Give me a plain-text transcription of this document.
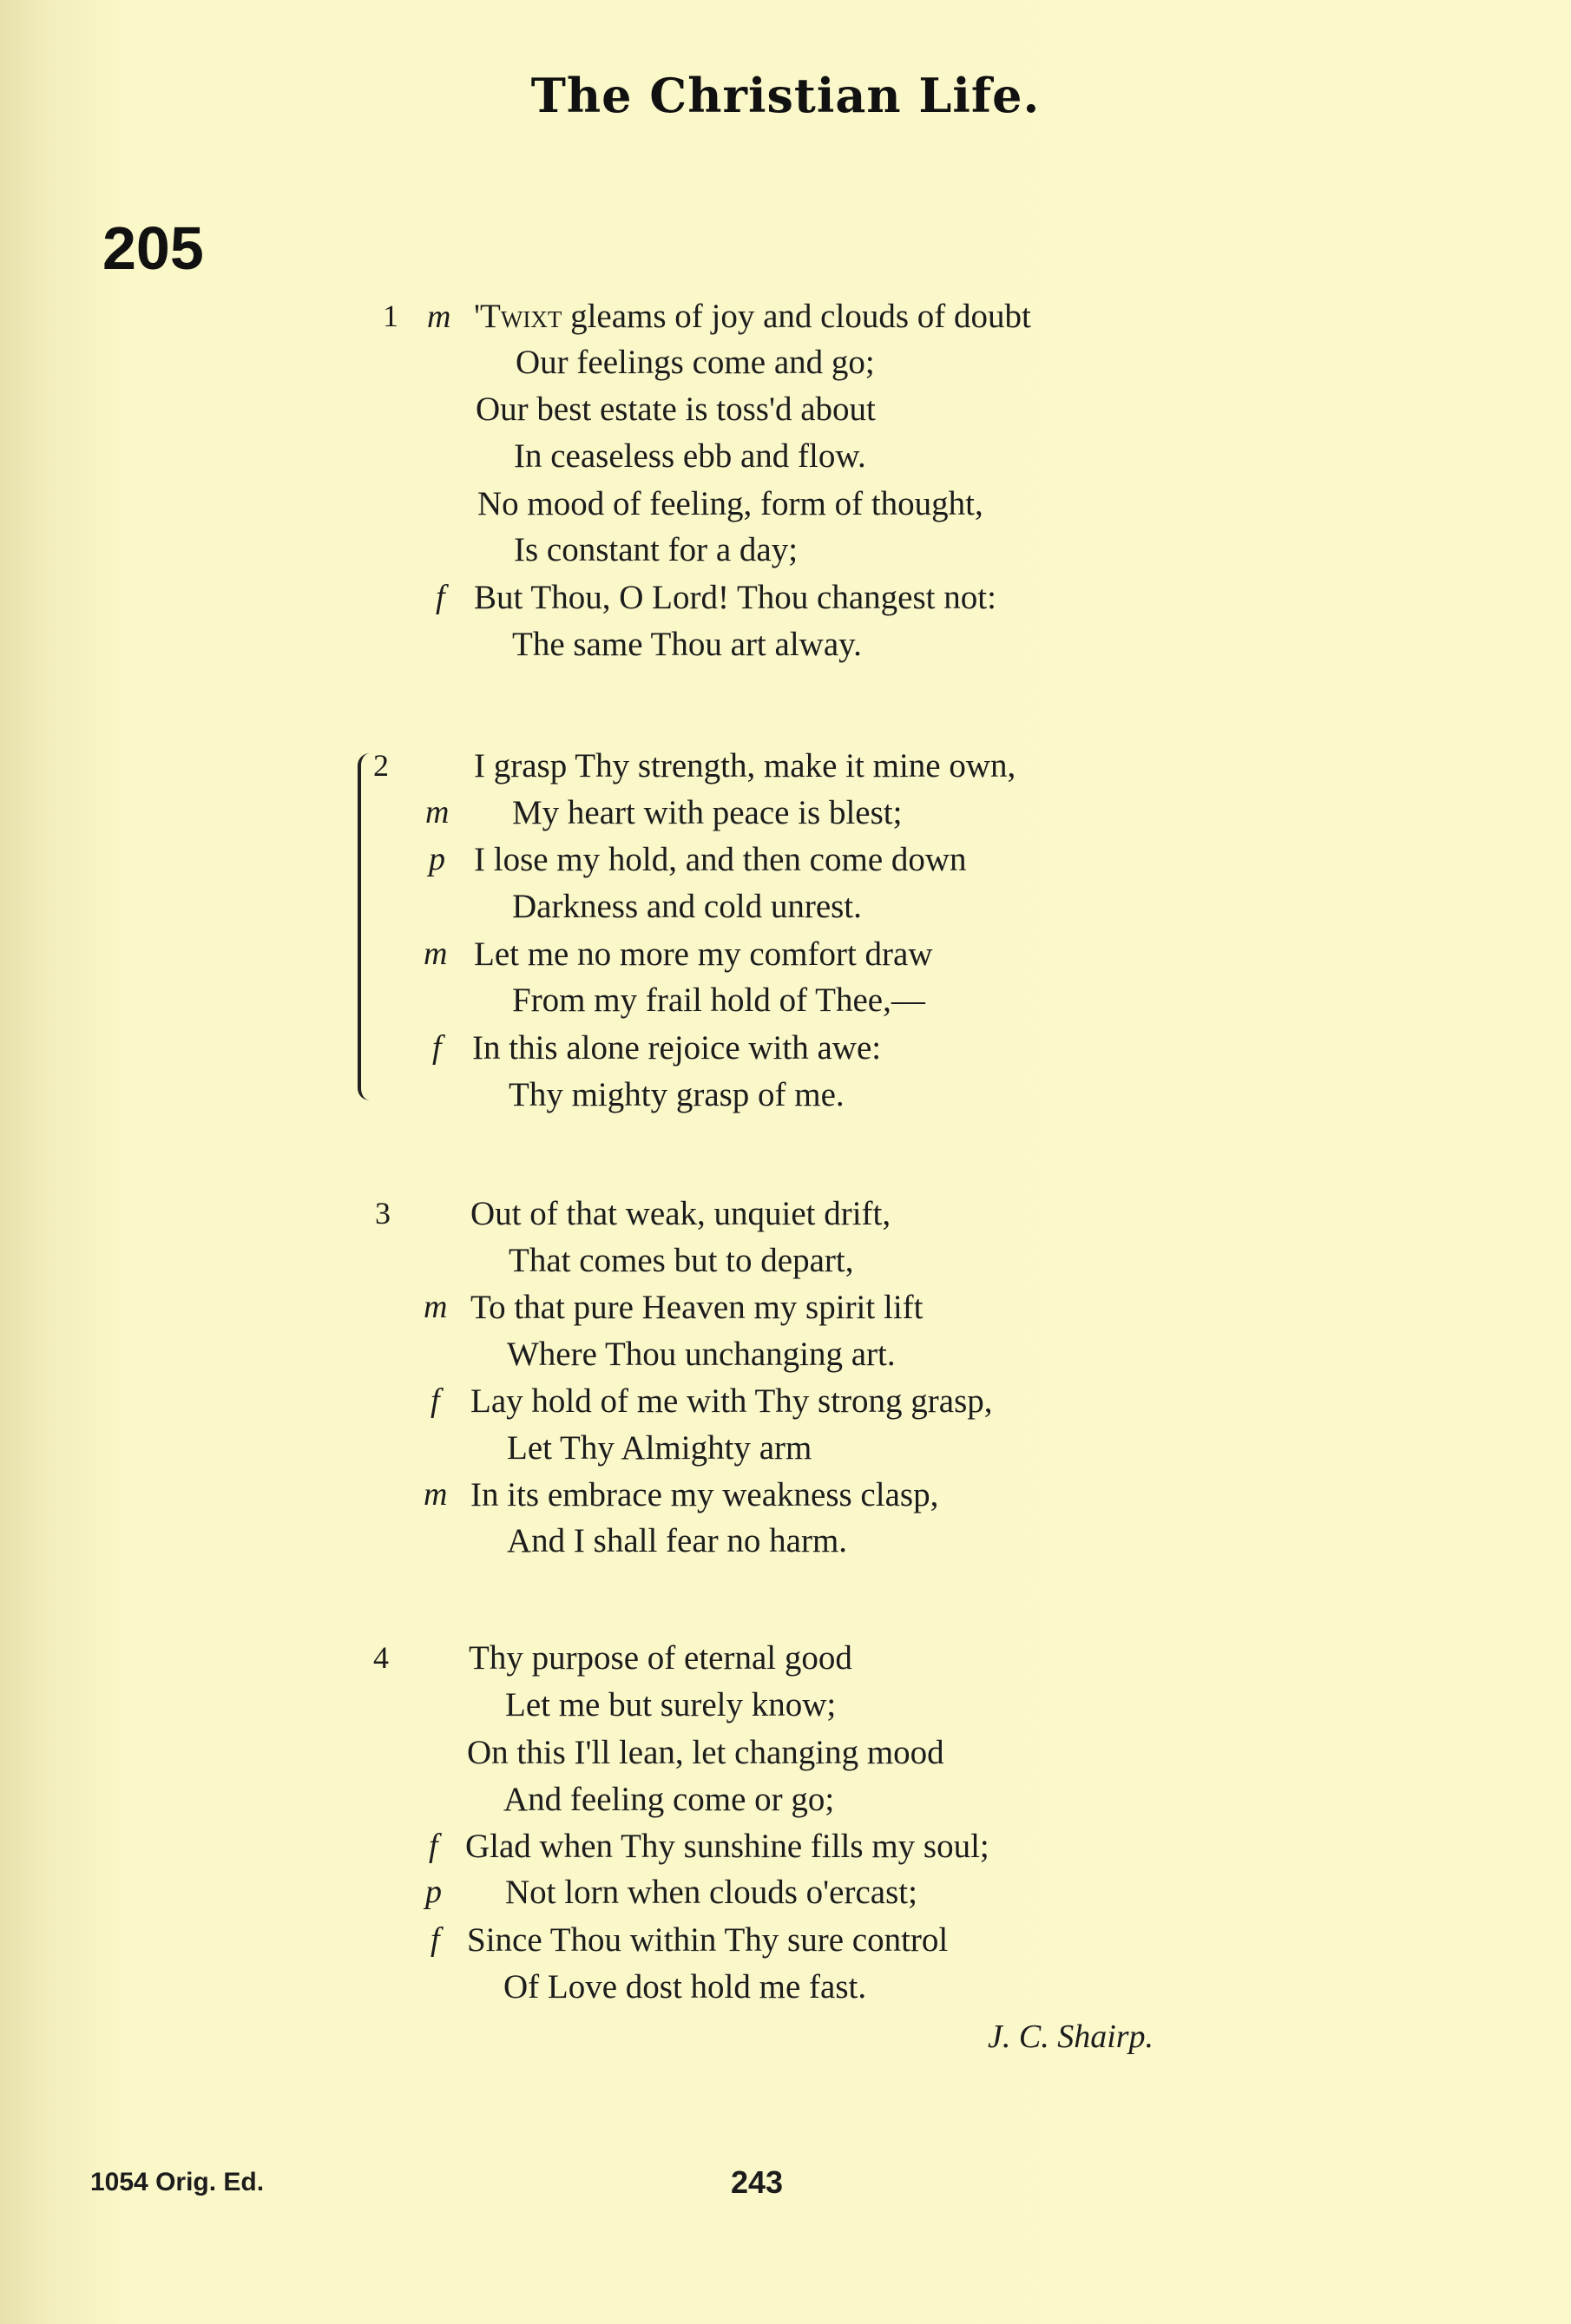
The Christian Life.
205
1 m 'Twixt gleams of joy and clouds of doubt
Our feelings come and go;
Our best estate is toss'd about
In ceaseless ebb and flow.
No mood of feeling, form of thought,
Is constant for a day;
f But Thou, O Lord! Thou changest not:
The same Thou art alway.
2	I grasp Thy strength, make it mine own,
m My heart with peace is blest;
p I lose my hold, and then come down
Darkness and cold unrest.
m Let me no more my comfort draw
From my frail hold of Thee,—
f In this alone rejoice with awe:
Thy mighty grasp of me.
3 Out of that weak, unquiet drift,
That comes but to depart,
m To that pure Heaven my spirit lift
Where Thou unchanging art.
f Lay hold of me with Thy strong grasp,
Let Thy Almighty arm
m In its embrace my weakness clasp,
And I shall fear no harm.
4 Thy purpose of eternal good
Let me but surely know;
On this I'll lean, let changing mood
And feeling come or go;
f Glad when Thy sunshine fills my soul;
p Not lorn when clouds o'ercast;
f Since Thou within Thy sure control
Of Love dost hold me fast.
J. C. Shairp.
1054 Orig. Ed.	243
